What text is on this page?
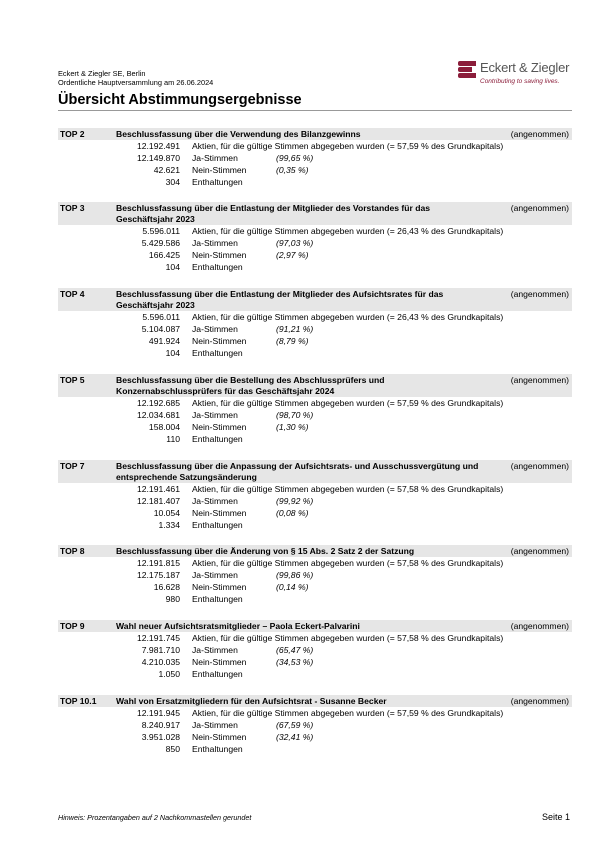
Eckert & Ziegler SE, Berlin
Ordentliche Hauptversammlung am 26.06.2024
Eckert & Ziegler
Contributing to saving lives.
Übersicht Abstimmungsergebnisse
TOP 2	Beschlussfassung über die Verwendung des Bilanzgewinns	(angenommen)
12.192.491 Aktien, für die gültige Stimmen abgegeben wurden (= 57,59 % des Grundkapitals)
12.149.870 Ja-Stimmen	(99,65 %)
42.621 Nein-Stimmen	(0,35 %)
304 Enthaltungen
TOP 3	Beschlussfassung über die Entlastung der Mitglieder des Vorstandes für das Geschäftsjahr 2023
(angenommen)
5.596.011 Aktien, für die gültige Stimmen abgegeben wurden (= 26,43 % des Grundkapitals)
5.429.586 Ja-Stimmen	(97,03 %)
166.425 Nein-Stimmen	(2,97 %)
104 Enthaltungen
TOP 4	Beschlussfassung über die Entlastung der Mitglieder des Aufsichtsrates für das Geschäftsjahr 2023
(angenommen)
5.596.011 Aktien, für die gültige Stimmen abgegeben wurden (= 26,43 % des Grundkapitals)
5.104.087 Ja-Stimmen	(91,21 %)
491.924 Nein-Stimmen	(8,79 %)
104 Enthaltungen
TOP 5	Beschlussfassung über die Bestellung des Abschlussprüfers und Konzernabschlussprüfers für das Geschäftsjahr 2024
(angenommen)
12.192.685 Aktien, für die gültige Stimmen abgegeben wurden (= 57,59 % des Grundkapitals)
12.034.681 Ja-Stimmen	(98,70 %)
158.004 Nein-Stimmen	(1,30 %)
110 Enthaltungen
TOP 7	Beschlussfassung über die Anpassung der Aufsichtsrats- und Ausschussvergütung und entsprechende Satzungsänderung
(angenommen)
12.191.461 Aktien, für die gültige Stimmen abgegeben wurden (= 57,58 % des Grundkapitals)
12.181.407 Ja-Stimmen	(99,92 %)
10.054 Nein-Stimmen	(0,08 %)
1.334 Enthaltungen
TOP 8	Beschlussfassung über die Änderung von § 15 Abs. 2 Satz 2 der Satzung	(angenommen)
12.191.815 Aktien, für die gültige Stimmen abgegeben wurden (= 57,58 % des Grundkapitals)
12.175.187 Ja-Stimmen	(99,86 %)
16.628 Nein-Stimmen	(0,14 %)
980 Enthaltungen
TOP 9	Wahl neuer Aufsichtsratsmitglieder – Paola Eckert-Palvarini	(angenommen)
12.191.745 Aktien, für die gültige Stimmen abgegeben wurden (= 57,58 % des Grundkapitals)
7.981.710 Ja-Stimmen	(65,47 %)
4.210.035 Nein-Stimmen	(34,53 %)
1.050 Enthaltungen
TOP 10.1 Wahl von Ersatzmitgliedern für den Aufsichtsrat - Susanne Becker	(angenommen)
12.191.945 Aktien, für die gültige Stimmen abgegeben wurden (= 57,59 % des Grundkapitals)
8.240.917 Ja-Stimmen	(67,59 %)
3.951.028 Nein-Stimmen	(32,41 %)
850 Enthaltungen
Hinweis: Prozentangaben auf 2 Nachkommastellen gerundet	Seite 1
